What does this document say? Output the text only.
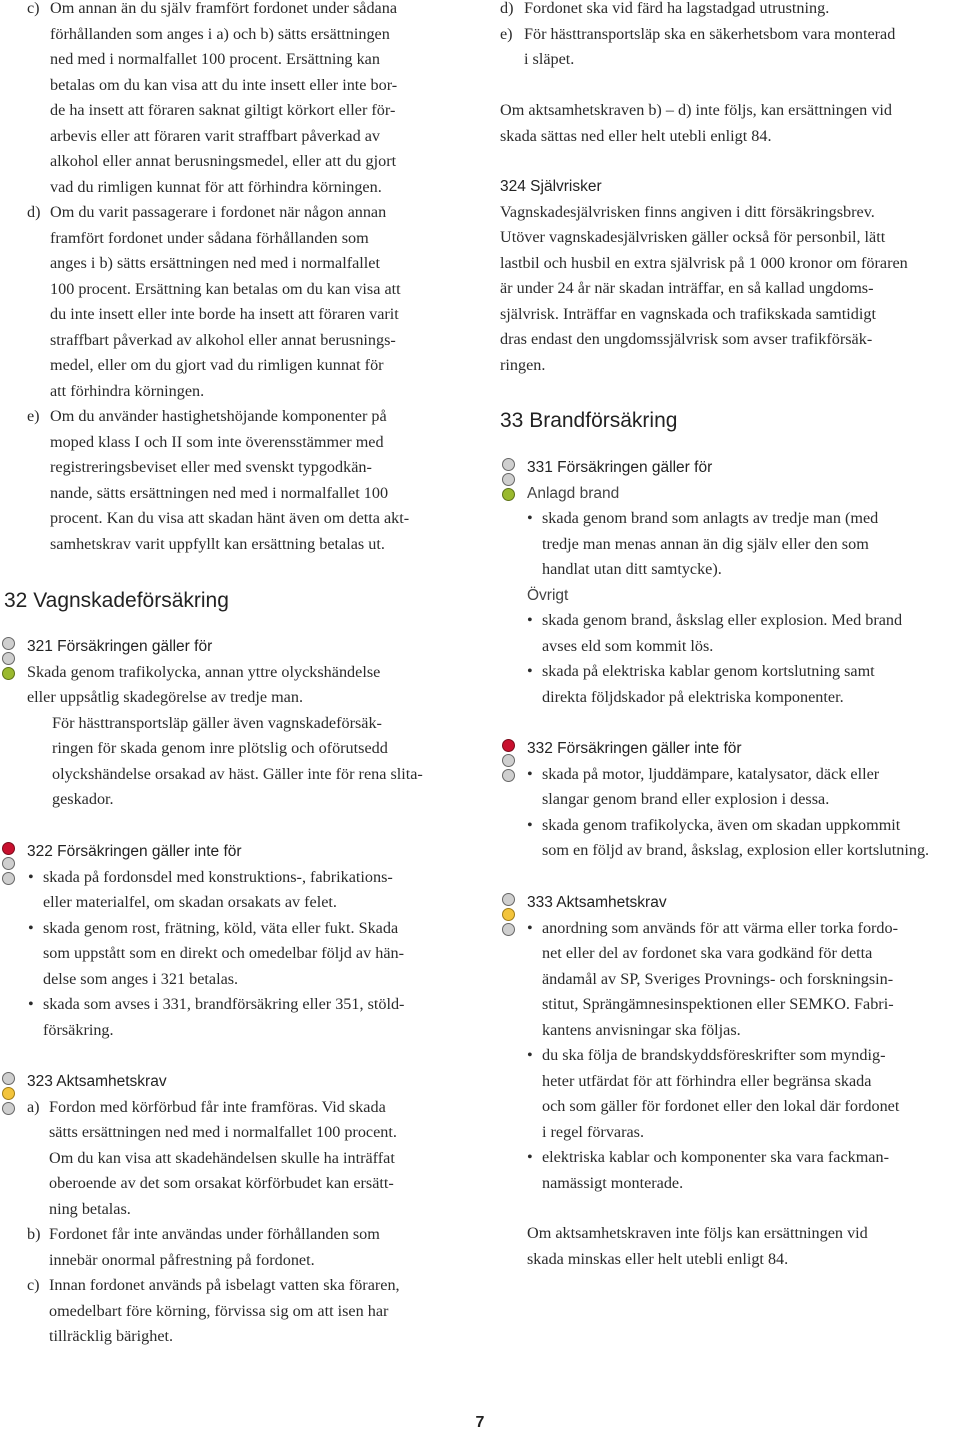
c) Om annan än du själv framfört fordonet under sådana
förhållanden som anges i a) och b) sätts ersättningen
ned med i normalfallet 100 procent. Ersättning kan
betalas om du kan visa att du inte insett eller inte bor-
de ha insett att föraren saknat giltigt körkort eller för-
arbevis eller att föraren varit straffbart påverkad av
alkohol eller annat berusningsmedel, eller att du gjort
vad du rimligen kunnat för att förhindra körningen.
d) Om du varit passagerare i fordonet när någon annan
framfört fordonet under sådana förhållanden som
anges i b) sätts ersättningen ned med i normalfallet
100 procent. Ersättning kan betalas om du kan visa att
du inte insett eller inte borde ha insett att föraren varit
straffbart påverkad av alkohol eller annat berusnings-
medel, eller om du gjort vad du rimligen kunnat för
att förhindra körningen.
e) Om du använder hastighetshöjande komponenter på
moped klass I och II som inte överensstämmer med
registreringsbeviset eller med svenskt typgodkän-
nande, sätts ersättningen ned med i normalfallet 100
procent. Kan du visa att skadan hänt även om detta akt-
samhetskrav varit uppfyllt kan ersättning betalas ut.
32 Vagnskadeförsäkring
321 Försäkringen gäller för

Skada genom trafikolycka, annan yttre olyckshändelse
eller uppsåtlig skadegörelse av tredje man.

För hästtransportsläp gäller även vagnskadeförsäk-
ringen för skada genom inre plötslig och oförutsedd
olyckshändelse orsakad av häst. Gäller inte för rena slita-
geskador.

322 Försäkringen gäller inte för
• skada på fordonsdel med konstruktions-, fabrikations-
eller materialfel, om skadan orsakats av felet.
• skada genom rost, frätning, köld, väta eller fukt. Skada
som uppstått som en direkt och omedelbar följd av hän-
delse som anges i 321 betalas.
• skada som avses i 331, brandförsäkring eller 351, stöld-
försäkring.
323 Aktsamhetskrav
a) Fordon med körförbud får inte framföras. Vid skada
sätts ersättningen ned med i normalfallet 100 procent.
Om du kan visa att skadehändelsen skulle ha inträffat
oberoende av det som orsakat körförbudet kan ersätt-
ning betalas.
b) Fordonet får inte användas under förhållanden som
innebär onormal påfrestning på fordonet.
c) Innan fordonet används på isbelagt vatten ska föraren,
omedelbart före körning, förvissa sig om att isen har
tillräcklig bärighet.
d) Fordonet ska vid färd ha lagstadgad utrustning.
e) För hästtransportsläp ska en säkerhetsbom vara monterad
i släpet.

Om aktsamhetskraven b) – d) inte följs, kan ersättningen vid
skada sättas ned eller helt utebli enligt 84.

324 Självrisker

Vagnskadesjälvrisken finns angiven i ditt försäkringsbrev.
Utöver vagnskadesjälvrisken gäller också för personbil, lätt
lastbil och husbil en extra självrisk på 1 000 kronor om föraren
är under 24 år när skadan inträffar, en så kallad ungdoms-
självrisk. Inträffar en vagnskada och trafikskada samtidigt
dras endast den ungdomssjälvrisk som avser trafikförsäk-
ringen.

33 Brandförsäkring
331 Försäkringen gäller för
Anlagd brand
• skada genom brand som anlagts av tredje man (med
tredje man menas annan än dig själv eller den som
handlat utan ditt samtycke).
Övrigt
• skada genom brand, åskslag eller explosion. Med brand
avses eld som kommit lös.
• skada på elektriska kablar genom kortslutning samt
direkta följdskador på elektriska komponenter.
332 Försäkringen gäller inte för
• skada på motor, ljuddämpare, katalysator, däck eller
slangar genom brand eller explosion i dessa.
• skada genom trafikolycka, även om skadan uppkommit
som en följd av brand, åskslag, explosion eller kortslutning.
333 Aktsamhetskrav
• anordning som används för att värma eller torka fordo-
net eller del av fordonet ska vara godkänd för detta
ändamål av SP, Sveriges Provnings- och forskningsin-
stitut, Sprängämnesinspektionen eller SEMKO. Fabri-
kantens anvisningar ska följas.
• du ska följa de brandskyddsföreskrifter som myndig-
heter utfärdat för att förhindra eller begränsa skada
och som gäller för fordonet eller den lokal där fordonet
i regel förvaras.
• elektriska kablar och komponenter ska vara fackman-
namässigt monterade.

Om aktsamhetskraven inte följs kan ersättningen vid
skada minskas eller helt utebli enligt 84.

7
